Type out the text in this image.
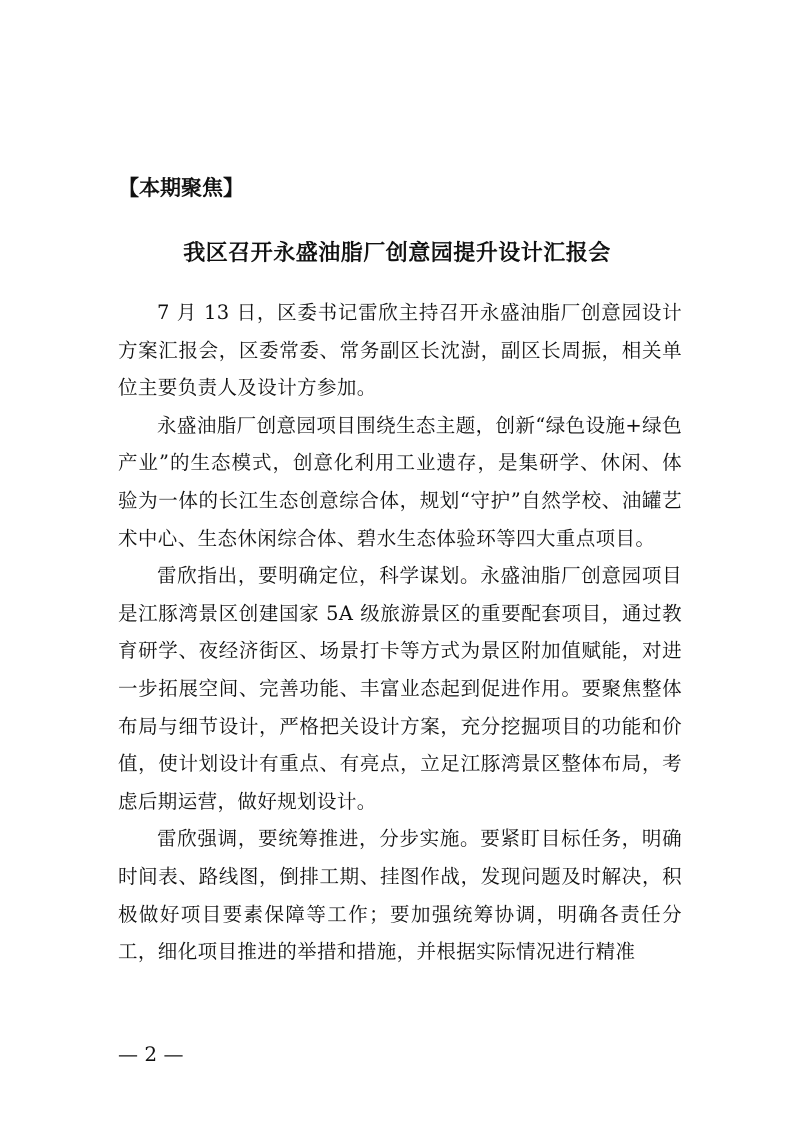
【本期聚焦】
我区召开永盛油脂厂创意园提升设计汇报会

7 月 13 日，区委书记雷欣主持召开永盛油脂厂创意园设计方案汇报会，区委常委、常务副区长沈澍，副区长周振，相关单位主要负责人及设计方参加。

永盛油脂厂创意园项目围绕生态主题，创新“绿色设施+绿色产业”的生态模式，创意化利用工业遗存，是集研学、休闲、体验为一体的长江生态创意综合体，规划“守护”自然学校、油罐艺术中心、生态休闲综合体、碧水生态体验环等四大重点项目。

雷欣指出，要明确定位，科学谋划。永盛油脂厂创意园项目是江豚湾景区创建国家 5A 级旅游景区的重要配套项目，通过教育研学、夜经济街区、场景打卡等方式为景区附加值赋能，对进一步拓展空间、完善功能、丰富业态起到促进作用。要聚焦整体布局与细节设计，严格把关设计方案，充分挖掘项目的功能和价值，使计划设计有重点、有亮点，立足江豚湾景区整体布局，考虑后期运营，做好规划设计。

雷欣强调，要统筹推进，分步实施。要紧盯目标任务，明确时间表、路线图，倒排工期、挂图作战，发现问题及时解决，积极做好项目要素保障等工作；要加强统筹协调，明确各责任分工，细化项目推进的举措和措施，并根据实际情况进行精准

— 2 —
